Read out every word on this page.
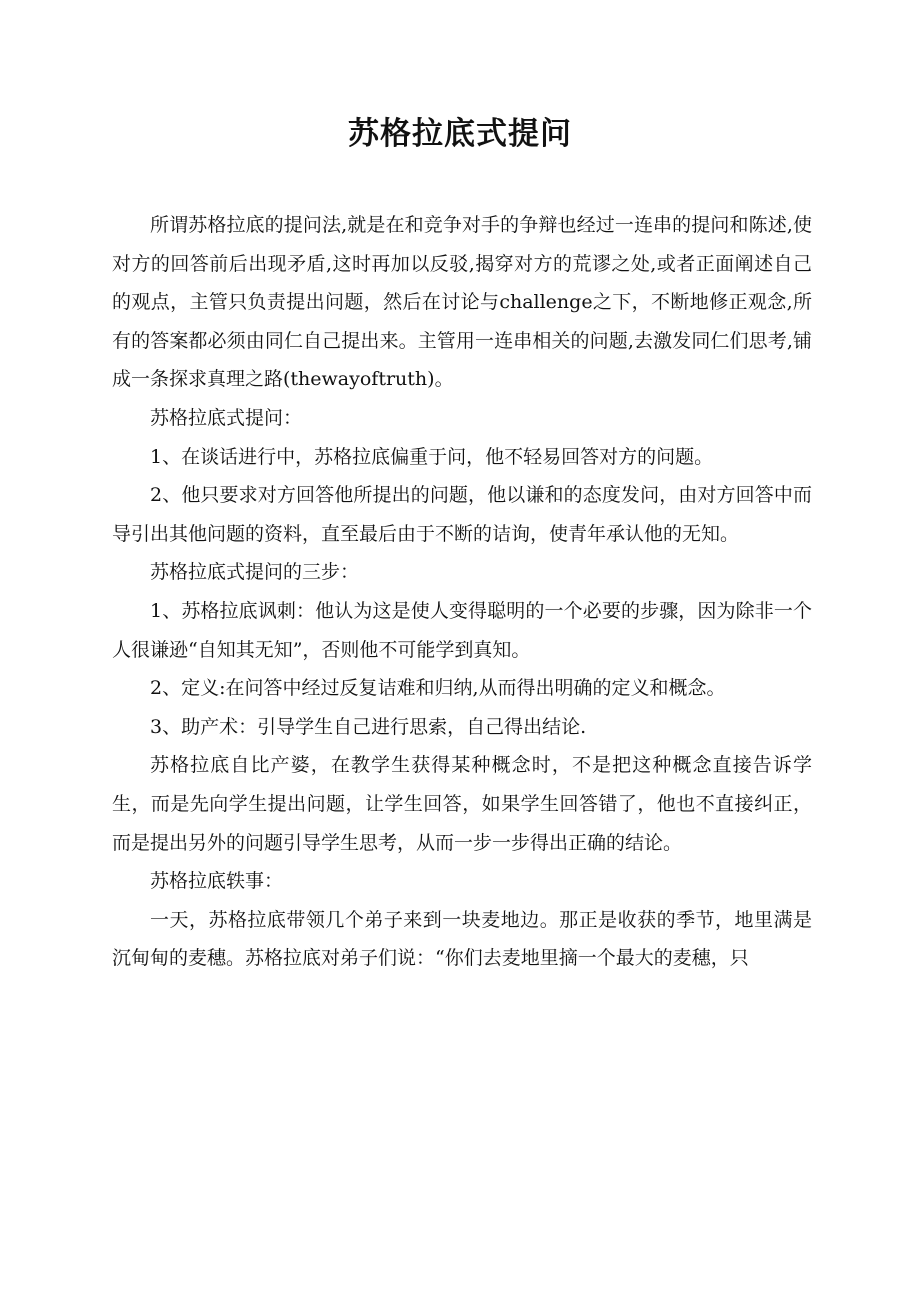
苏格拉底式提问

所谓苏格拉底的提问法,就是在和竞争对手的争辩也经过一连串的提问和陈述,使对方的回答前后出现矛盾,这时再加以反驳,揭穿对方的荒谬之处,或者正面阐述自己的观点，主管只负责提出问题，然后在讨论与challenge之下，不断地修正观念,所有的答案都必须由同仁自己提出来。主管用一连串相关的问题,去激发同仁们思考,铺成一条探求真理之路(thewayoftruth)。

苏格拉底式提问：

1、在谈话进行中，苏格拉底偏重于问，他不轻易回答对方的问题。

2、他只要求对方回答他所提出的问题，他以谦和的态度发问，由对方回答中而导引出其他问题的资料，直至最后由于不断的诘询，使青年承认他的无知。

苏格拉底式提问的三步：

1、苏格拉底讽刺：他认为这是使人变得聪明的一个必要的步骤，因为除非一个人很谦逊“自知其无知”，否则他不可能学到真知。

2、定义:在问答中经过反复诘难和归纳,从而得出明确的定义和概念。

3、助产术：引导学生自己进行思索，自己得出结论.

苏格拉底自比产婆，在教学生获得某种概念时，不是把这种概念直接告诉学生，而是先向学生提出问题，让学生回答，如果学生回答错了，他也不直接纠正，而是提出另外的问题引导学生思考，从而一步一步得出正确的结论。

苏格拉底轶事：

一天，苏格拉底带领几个弟子来到一块麦地边。那正是收获的季节，地里满是沉甸甸的麦穗。苏格拉底对弟子们说：“你们去麦地里摘一个最大的麦穗，只
